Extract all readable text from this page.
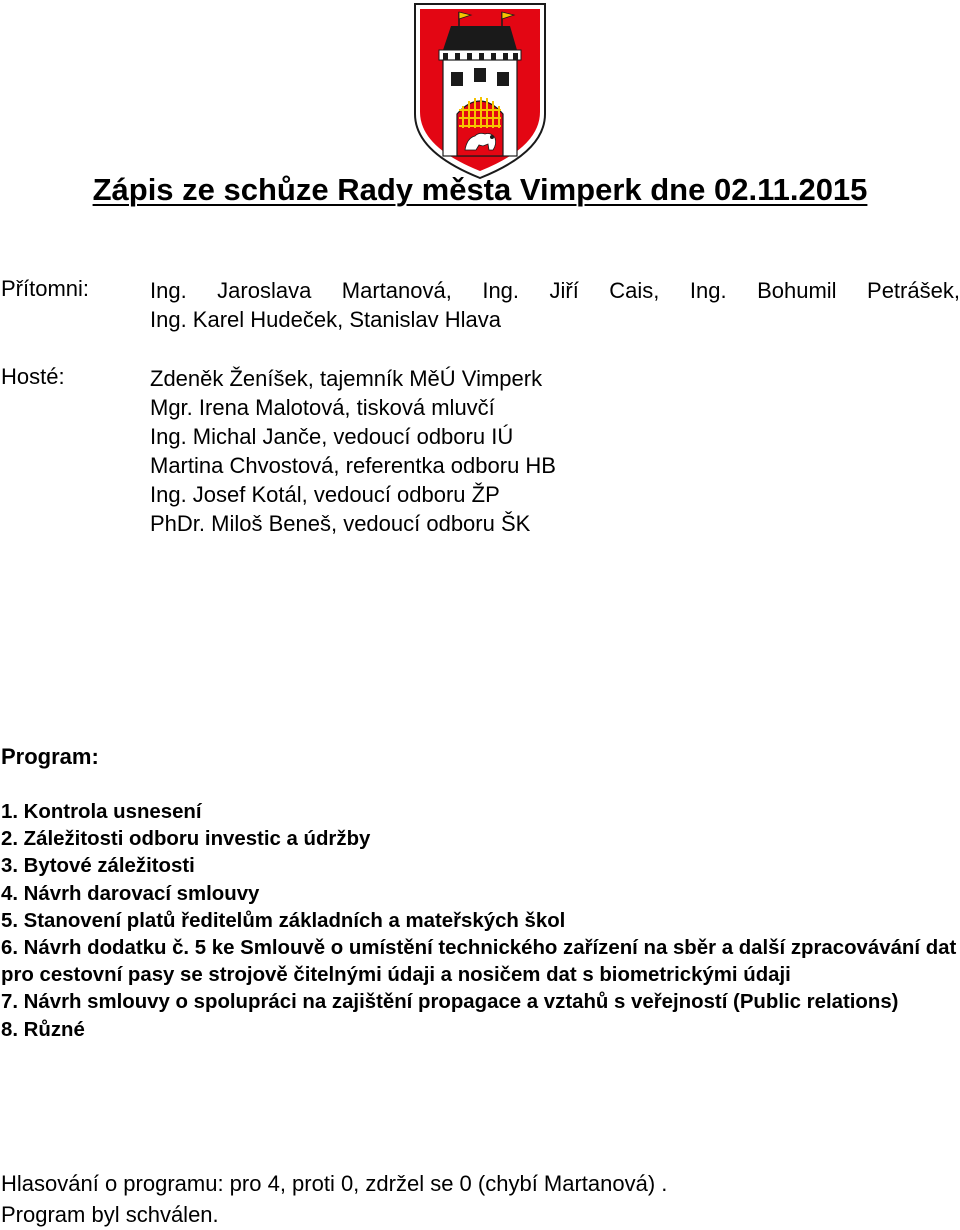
Zápis ze schůze Rady města Vimperk dne 02.11.2015
Přítomni:	Ing. Jaroslava Martanová, Ing. Jiří Cais, Ing. Bohumil Petrášek,
Ing. Karel Hudeček, Stanislav Hlava
Hosté:	Zdeněk Ženíšek, tajemník MěÚ Vimperk
Mgr. Irena Malotová, tisková mluvčí
Ing. Michal Janče, vedoucí odboru IÚ
Martina Chvostová, referentka odboru HB
Ing. Josef Kotál, vedoucí odboru ŽP
PhDr. Miloš Beneš, vedoucí odboru ŠK
Program:
1. Kontrola usnesení
2. Záležitosti odboru investic a údržby
3. Bytové záležitosti
4. Návrh darovací smlouvy
5. Stanovení platů ředitelům základních a mateřských škol
6. Návrh dodatku č. 5 ke Smlouvě o umístění technického zařízení na sběr a další zpracovávání dat pro cestovní pasy se strojově čitelnými údaji a nosičem dat s biometrickými údaji
7. Návrh smlouvy o spolupráci na zajištění propagace a vztahů s veřejností (Public relations)
8. Různé
Hlasování o programu: pro 4, proti 0, zdržel se 0 (chybí Martanová) .
Program byl schválen.
